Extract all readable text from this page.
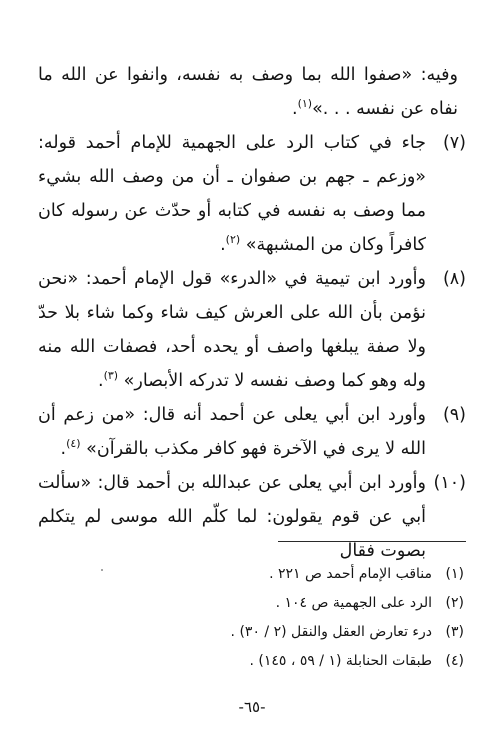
وفيه: «صفوا الله بما وصف به نفسه، وانفوا عن الله ما نفاه عن نفسه . . .»$^{(١)}$.

(٧)
جاء في كتاب الرد على الجهمية للإمام أحمد قوله: «وزعم ـ جهم بن صفوان ـ أن من وصف الله بشيء مما وصف به نفسه في كتابه أو حدّث عن رسوله كان كافراً وكان من المشبهة» $^{(٢)}$.

(٨)
وأورد ابن تيمية في «الدرء» قول الإمام أحمد: «نحن نؤمن بأن الله على العرش كيف شاء وكما شاء بلا حدّ ولا صفة يبلغها واصف أو يحده أحد، فصفات الله منه وله وهو كما وصف نفسه لا تدركه الأبصار» $^{(٣)}$.

(٩)
وأورد ابن أبي يعلى عن أحمد أنه قال: «من زعم أن الله لا يرى في الآخرة فهو كافر مكذب بالقرآن» $^{(٤)}$.

(١٠)
وأورد ابن أبي يعلى عن عبدالله بن أحمد قال: «سألت أبي عن قوم يقولون: لما كلّم الله موسى لم يتكلم بصوت فقال

(١)
مناقب الإمام أحمد ص ٢٢١ .
(٢)
الرد على الجهمية ص ١٠٤ .
(٣)
درء تعارض العقل والنقل (٢ / ٣٠) .
(٤)
طبقات الحنابلة (١ / ٥٩ ، ١٤٥) .
-٦٥-
